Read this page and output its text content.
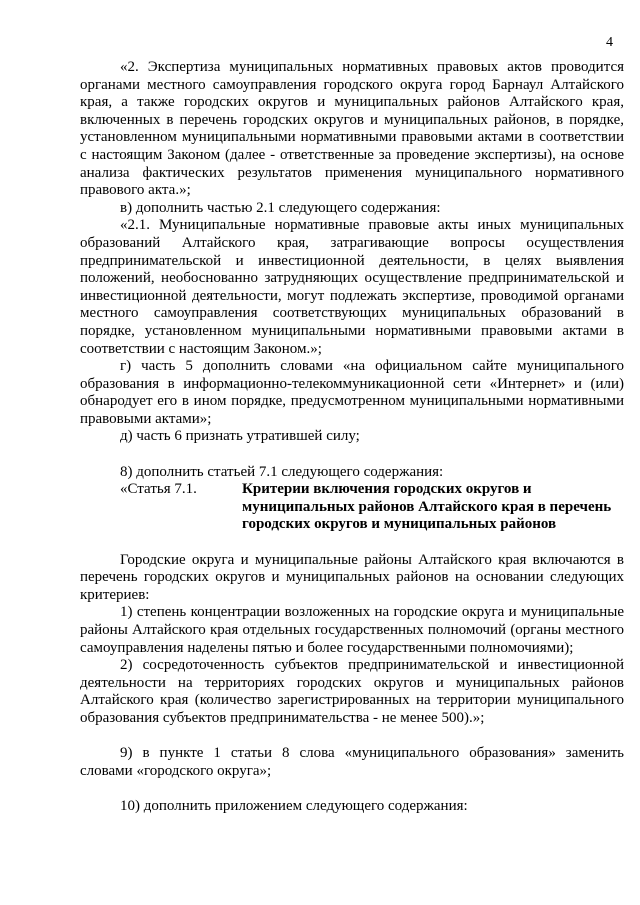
4

«2. Экспертиза муниципальных нормативных правовых актов проводится органами местного самоуправления городского округа город Барнаул Алтайского края, а также городских округов и муниципальных районов Алтайского края, включенных в перечень городских округов и муниципальных районов, в порядке, установленном муниципальными нормативными правовыми актами в соответствии с настоящим Законом (далее - ответственные за проведение экспертизы), на основе анализа фактических результатов применения муниципального нормативного правового акта.»;

в) дополнить частью 2.1 следующего содержания:

«2.1. Муниципальные нормативные правовые акты иных муниципальных образований Алтайского края, затрагивающие вопросы осуществления предпринимательской и инвестиционной деятельности, в целях выявления положений, необоснованно затрудняющих осуществление предпринимательской и инвестиционной деятельности, могут подлежать экспертизе, проводимой органами местного самоуправления соответствующих муниципальных образований в порядке, установленном муниципальными нормативными правовыми актами в соответствии с настоящим Законом.»;

г) часть 5 дополнить словами «на официальном сайте муниципального образования в информационно-телекоммуникационной сети «Интернет» и (или) обнародует его в ином порядке, предусмотренном муниципальными нормативными правовыми актами»;

д) часть 6 признать утратившей силу;

8) дополнить статьей 7.1 следующего содержания:

«Статья 7.1.	Критерии включения городских округов и муниципальных районов Алтайского края в перечень городских округов и муниципальных районов

Городские округа и муниципальные районы Алтайского края включаются в перечень городских округов и муниципальных районов на основании следующих критериев:

1) степень концентрации возложенных на городские округа и муниципальные районы Алтайского края отдельных государственных полномочий (органы местного самоуправления наделены пятью и более государственными полномочиями);

2) сосредоточенность субъектов предпринимательской и инвестиционной деятельности на территориях городских округов и муниципальных районов Алтайского края (количество зарегистрированных на территории муниципального образования субъектов предпринимательства - не менее 500).»;

9) в пункте 1 статьи 8 слова «муниципального образования» заменить словами «городского округа»;

10) дополнить приложением следующего содержания:
